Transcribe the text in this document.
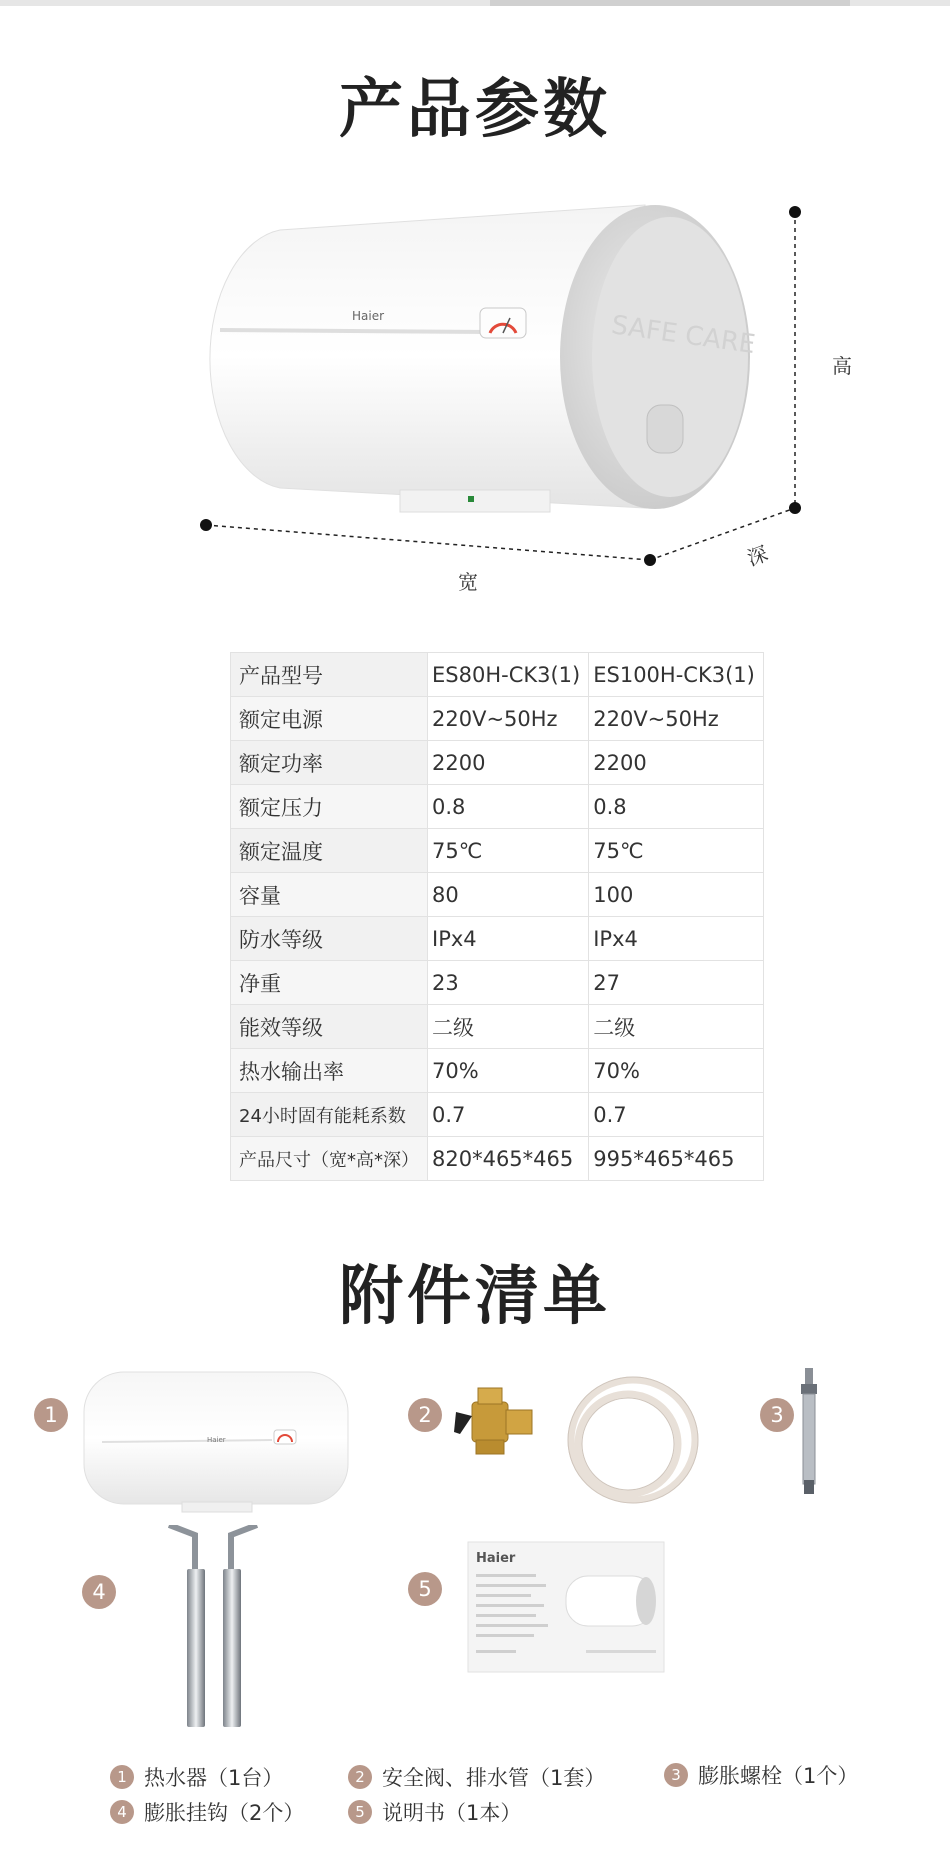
产品参数
SAFE CARE
Haier
高
宽
深
产品型号	ES80H-CK3(1)	ES100H-CK3(1)
额定电源	220V~50Hz	220V~50Hz
额定功率	2200	2200
额定压力	0.8	0.8
额定温度	75℃	75℃
容量	80	100
防水等级	IPx4	IPx4
净重	23	27
能效等级	二级	二级
热水输出率	70%	70%
24小时固有能耗系数	0.7	0.7
产品尺寸（宽*高*深）	820*465*465	995*465*465
附件清单
1	2	3
4	5
Haier
Haier
1 热水器（1台）	2 安全阀、排水管（1套）	3 膨胀螺栓（1个）
4 膨胀挂钩（2个）	5 说明书（1本）
